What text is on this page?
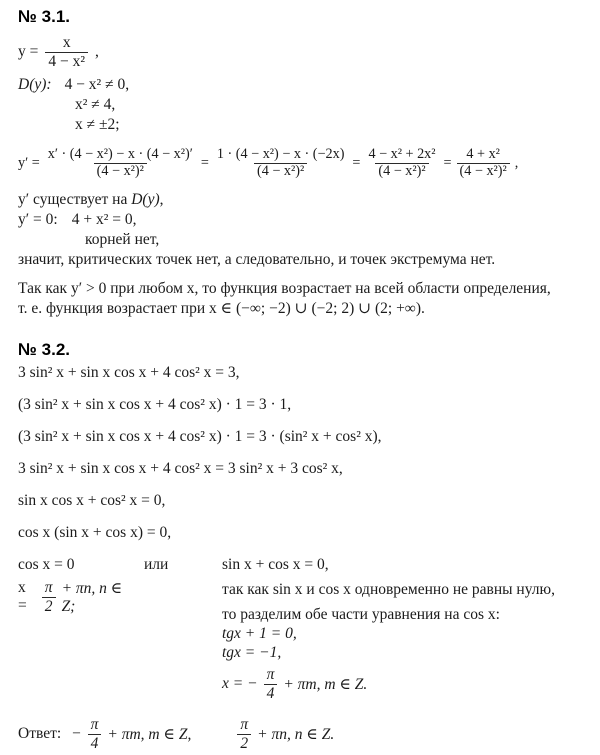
№ 3.1.
$y = \frac{x}{\text{4 − x²}}$ ,
D(y): 4 − x² ≠ 0,
x² ≠ 4,
x ≠ ±2;
$y' = \frac{\text{x′ · (4 − x²) − x · (4 − x²)′}}{\text{(4 − x²)²}} = \frac{\text{1 · (4 − x²) − x · (−2x)}}{\text{(4 − x²)²}} = \frac{\text{4 − x² + 2x²}}{\text{(4 − x²)²}} = \frac{\text{4 + x²}}{\text{(4 − x²)²}}$ ,
y′ существует на D(y),
y′ = 0: 4 + x² = 0,
корней нет,
значит, критических точек нет, а следовательно, и точек экстремума нет.
Так как y′ > 0 при любом x, то функция возрастает на всей области определения,
т. е. функция возрастает при x ∈ (−∞; −2) ∪ (−2; 2) ∪ (2; +∞).
№ 3.2.
3 sin² x + sin x cos x + 4 cos² x = 3,
(3 sin² x + sin x cos x + 4 cos² x) · 1 = 3 · 1,
(3 sin² x + sin x cos x + 4 cos² x) · 1 = 3 · (sin² x + cos² x),
3 sin² x + sin x cos x + 4 cos² x = 3 sin² x + 3 cos² x,
sin x cos x + cos² x = 0,
cos x (sin x + cos x) = 0,
cos x = 0
$x = \frac{\pi}{2} + \pi n$, n ∈ Z;
или	sin x + cos x = 0,
так как sin x и cos x одновременно не равны нулю,
то разделим обе части уравнения на cos x:
tgx + 1 = 0,
tgx = −1,
x = − $\frac{\pi}{4} + \pi m$, m ∈ Z.
Ответ: − $\frac{\pi}{4} + \pi m$, m ∈ Z,	$\frac{\pi}{2} + \pi n$, n ∈ Z.
